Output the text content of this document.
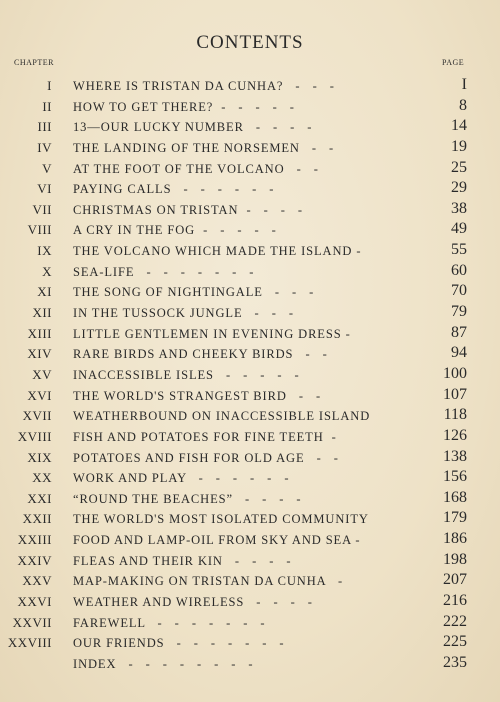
CONTENTS
CHAPTER	PAGE
I WHERE IS TRISTAN DA CUNHA?   -   -   -	I
II HOW TO GET THERE?  -   -   -   -   -	8
III 13—OUR LUCKY NUMBER   -   -   -   -	14
IV THE LANDING OF THE NORSEMEN   -   -	19
V AT THE FOOT OF THE VOLCANO   -   -	25
VI PAYING CALLS   -   -   -   -   -   -	29
VII CHRISTMAS ON TRISTAN  -   -   -   -	38
VIII A CRY IN THE FOG  -   -   -   -   -	49
IX THE VOLCANO WHICH MADE THE ISLAND -	55
X SEA-LIFE   -   -   -   -   -   -   -	60
XI THE SONG OF NIGHTINGALE   -   -   -	70
XII IN THE TUSSOCK JUNGLE   -   -   -	79
XIII LITTLE GENTLEMEN IN EVENING DRESS -	87
XIV RARE BIRDS AND CHEEKY BIRDS   -   -	94
XV INACCESSIBLE ISLES   -   -   -   -   -	100
XVI THE WORLD'S STRANGEST BIRD   -   -	107
XVII WEATHERBOUND ON INACCESSIBLE ISLAND	118
XVIII FISH AND POTATOES FOR FINE TEETH  -	126
XIX POTATOES AND FISH FOR OLD AGE   -   -	138
XX WORK AND PLAY   -   -   -   -   -   -	156
XXI “ROUND THE BEACHES”   -   -   -   -	168
XXII THE WORLD'S MOST ISOLATED COMMUNITY	179
XXIII FOOD AND LAMP-OIL FROM SKY AND SEA -	186
XXIV FLEAS AND THEIR KIN   -   -   -   -	198
XXV MAP-MAKING ON TRISTAN DA CUNHA   -	207
XXVI WEATHER AND WIRELESS   -   -   -   -	216
XXVII FAREWELL   -   -   -   -   -   -   -	222
XXVIII OUR FRIENDS   -   -   -   -   -   -   -	225
INDEX   -   -   -   -   -   -   -   -	235
